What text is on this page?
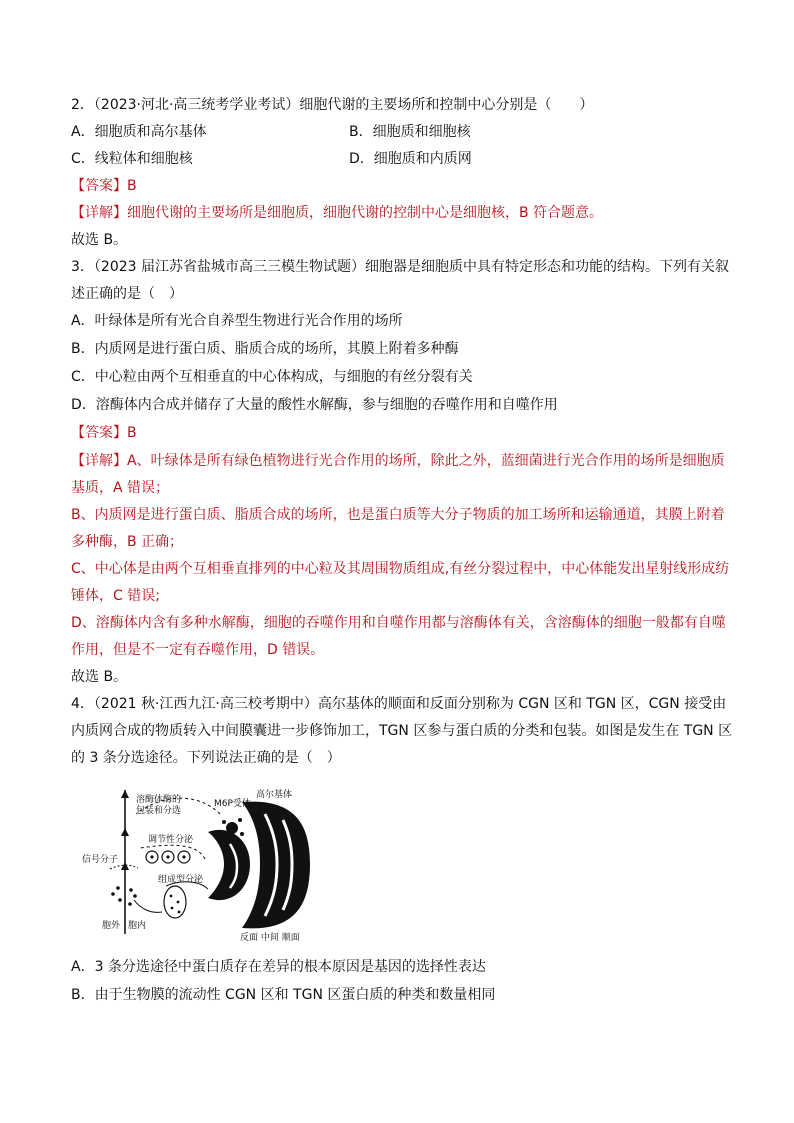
2．（2023·河北·高三统考学业考试）细胞代谢的主要场所和控制中心分别是（　　）
A．细胞质和高尔基体	B．细胞质和细胞核
C．线粒体和细胞核	D．细胞质和内质网
【答案】B
【详解】细胞代谢的主要场所是细胞质，细胞代谢的控制中心是细胞核，B 符合题意。
故选 B。
3．（2023 届江苏省盐城市高三三模生物试题）细胞器是细胞质中具有特定形态和功能的结构。下列有关叙
述正确的是（　）
A．叶绿体是所有光合自养型生物进行光合作用的场所
B．内质网是进行蛋白质、脂质合成的场所，其膜上附着多种酶
C．中心粒由两个互相垂直的中心体构成，与细胞的有丝分裂有关
D．溶酶体内合成并储存了大量的酸性水解酶，参与细胞的吞噬作用和自噬作用
【答案】B
【详解】A、叶绿体是所有绿色植物进行光合作用的场所，除此之外，蓝细菌进行光合作用的场所是细胞质
基质，A 错误；
B、内质网是进行蛋白质、脂质合成的场所，也是蛋白质等大分子物质的加工场所和运输通道，其膜上附着
多种酶，B 正确；
C、中心体是由两个互相垂直排列的中心粒及其周围物质组成,有丝分裂过程中，中心体能发出星射线形成纺
锤体，C 错误;
D、溶酶体内含有多种水解酶，细胞的吞噬作用和自噬作用都与溶酶体有关，含溶酶体的细胞一般都有自噬
作用，但是不一定有吞噬作用，D 错误。
故选 B。
4．（2021 秋·江西九江·高三校考期中）高尔基体的顺面和反面分别称为 CGN 区和 TGN 区，CGN 接受由
内质网合成的物质转入中间膜囊进一步修饰加工，TGN 区参与蛋白质的分类和包装。如图是发生在 TGN 区
的 3 条分选途径。下列说法正确的是（　）
溶酶体酶的
包装和分选
M6P受体
高尔基体
调节性分泌
信号分子
组成型分泌
胞外 胞内
反面 中间 顺面
A．3 条分选途径中蛋白质存在差异的根本原因是基因的选择性表达
B．由于生物膜的流动性 CGN 区和 TGN 区蛋白质的种类和数量相同
